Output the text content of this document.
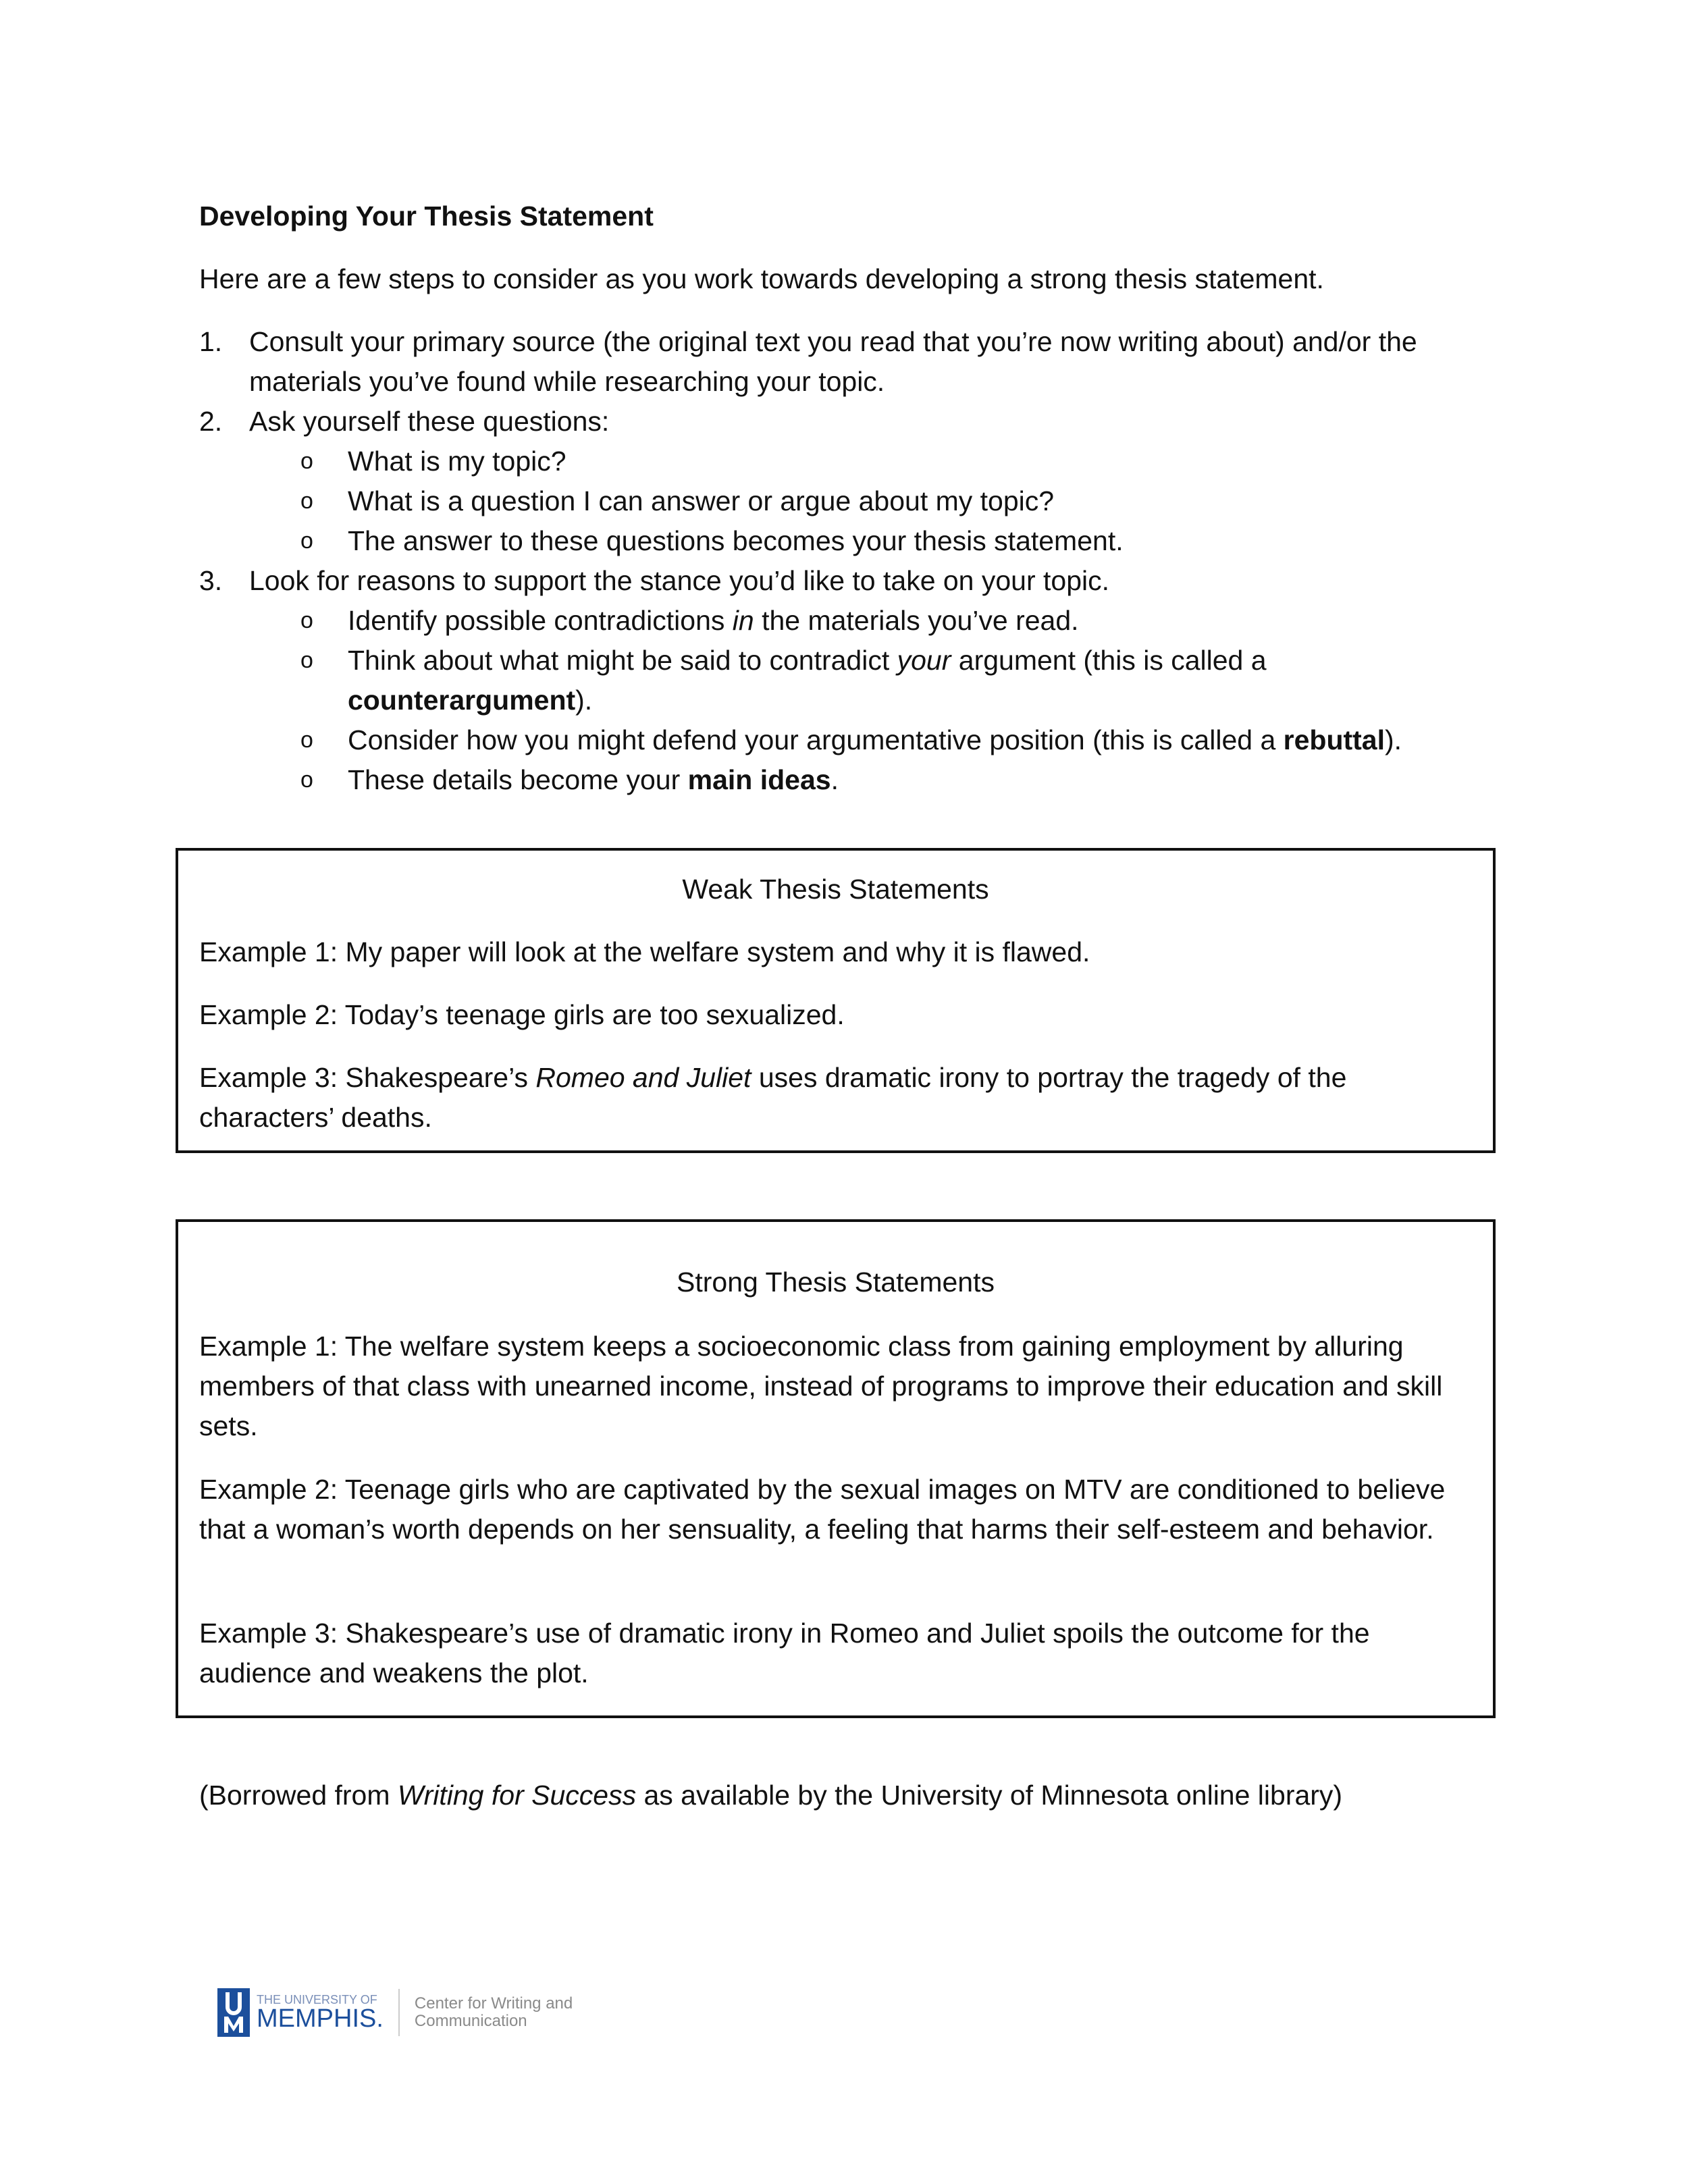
Developing Your Thesis Statement
Here are a few steps to consider as you work towards developing a strong thesis statement.
1. Consult your primary source (the original text you read that you’re now writing about) and/or the materials you’ve found while researching your topic.
2. Ask yourself these questions:
o What is my topic?
o What is a question I can answer or argue about my topic?
o The answer to these questions becomes your thesis statement.
3. Look for reasons to support the stance you’d like to take on your topic.
o Identify possible contradictions in the materials you’ve read.
o Think about what might be said to contradict your argument (this is called a
counterargument).
o Consider how you might defend your argumentative position (this is called a rebuttal).
o These details become your main ideas.
Weak Thesis Statements

Example 1: My paper will look at the welfare system and why it is flawed.

Example 2: Today’s teenage girls are too sexualized.

Example 3: Shakespeare’s Romeo and Juliet uses dramatic irony to portray the tragedy of the characters’ deaths.

Strong Thesis Statements

Example 1: The welfare system keeps a socioeconomic class from gaining employment by alluring members of that class with unearned income, instead of programs to improve their education and skill sets.

Example 2: Teenage girls who are captivated by the sexual images on MTV are conditioned to believe that a woman’s worth depends on her sensuality, a feeling that harms their self-esteem and behavior.

Example 3: Shakespeare’s use of dramatic irony in Romeo and Juliet spoils the outcome for the audience and weakens the plot.

(Borrowed from Writing for Success as available by the University of Minnesota online library)
THE UNIVERSITY OF
MEMPHIS.
Center for Writing and
Communication
